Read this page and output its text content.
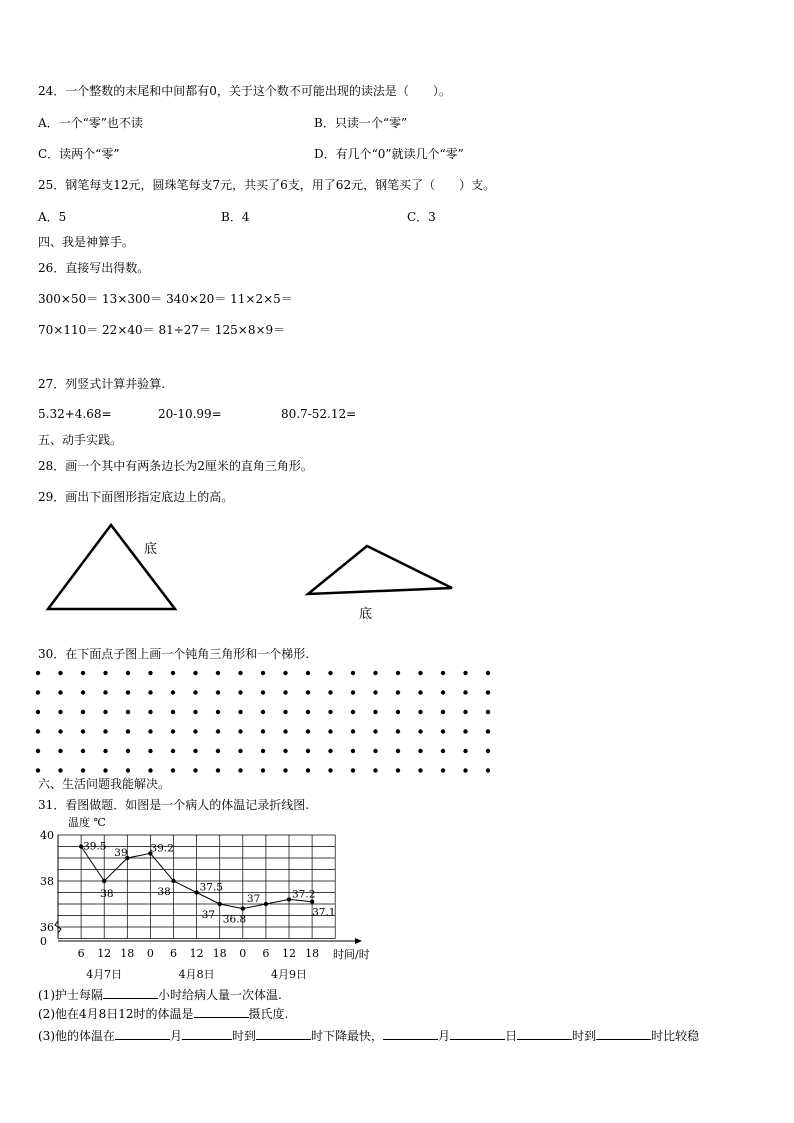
24．一个整数的末尾和中间都有0，关于这个数不可能出现的读法是（　　）。
A．一个“零”也不读	B．只读一个“零”
C．读两个“零”	D．有几个“0”就读几个“零”
25．钢笔每支12元，圆珠笔每支7元，共买了6支，用了62元，钢笔买了（　　）支。
A．5	B．4	C．3
四、我是神算手。
26．直接写出得数。
300×50＝ 13×300＝ 340×20＝ 11×2×5＝
70×110＝ 22×40＝ 81÷27＝ 125×8×9＝
27．列竖式计算并验算.
5.32+4.68=	20-10.99=	80.7-52.12=
五、动手实践。
28．画一个其中有两条边长为2厘米的直角三角形。
29．画出下面图形指定底边上的高。
底
底
30．在下面点子图上画一个钝角三角形和一个梯形.
六、生活问题我能解决。
31．看图做题．如图是一个病人的体温记录折线图.
温度 ℃
时间/时
40
38
36
0
6 12 18 0 6 12 18 0 6 12 18
4月7日	4月8日	4月9日
39.5
38
39 39.2
38	37.5
37 36.8
37	37.2
37.1
(1)护士每隔	小时给病人量一次体温.
(2)他在4月8日12时的体温是	摄氏度.
(3)他的体温在	月	时到	时下降最快，	月	日	时到	时比较稳
